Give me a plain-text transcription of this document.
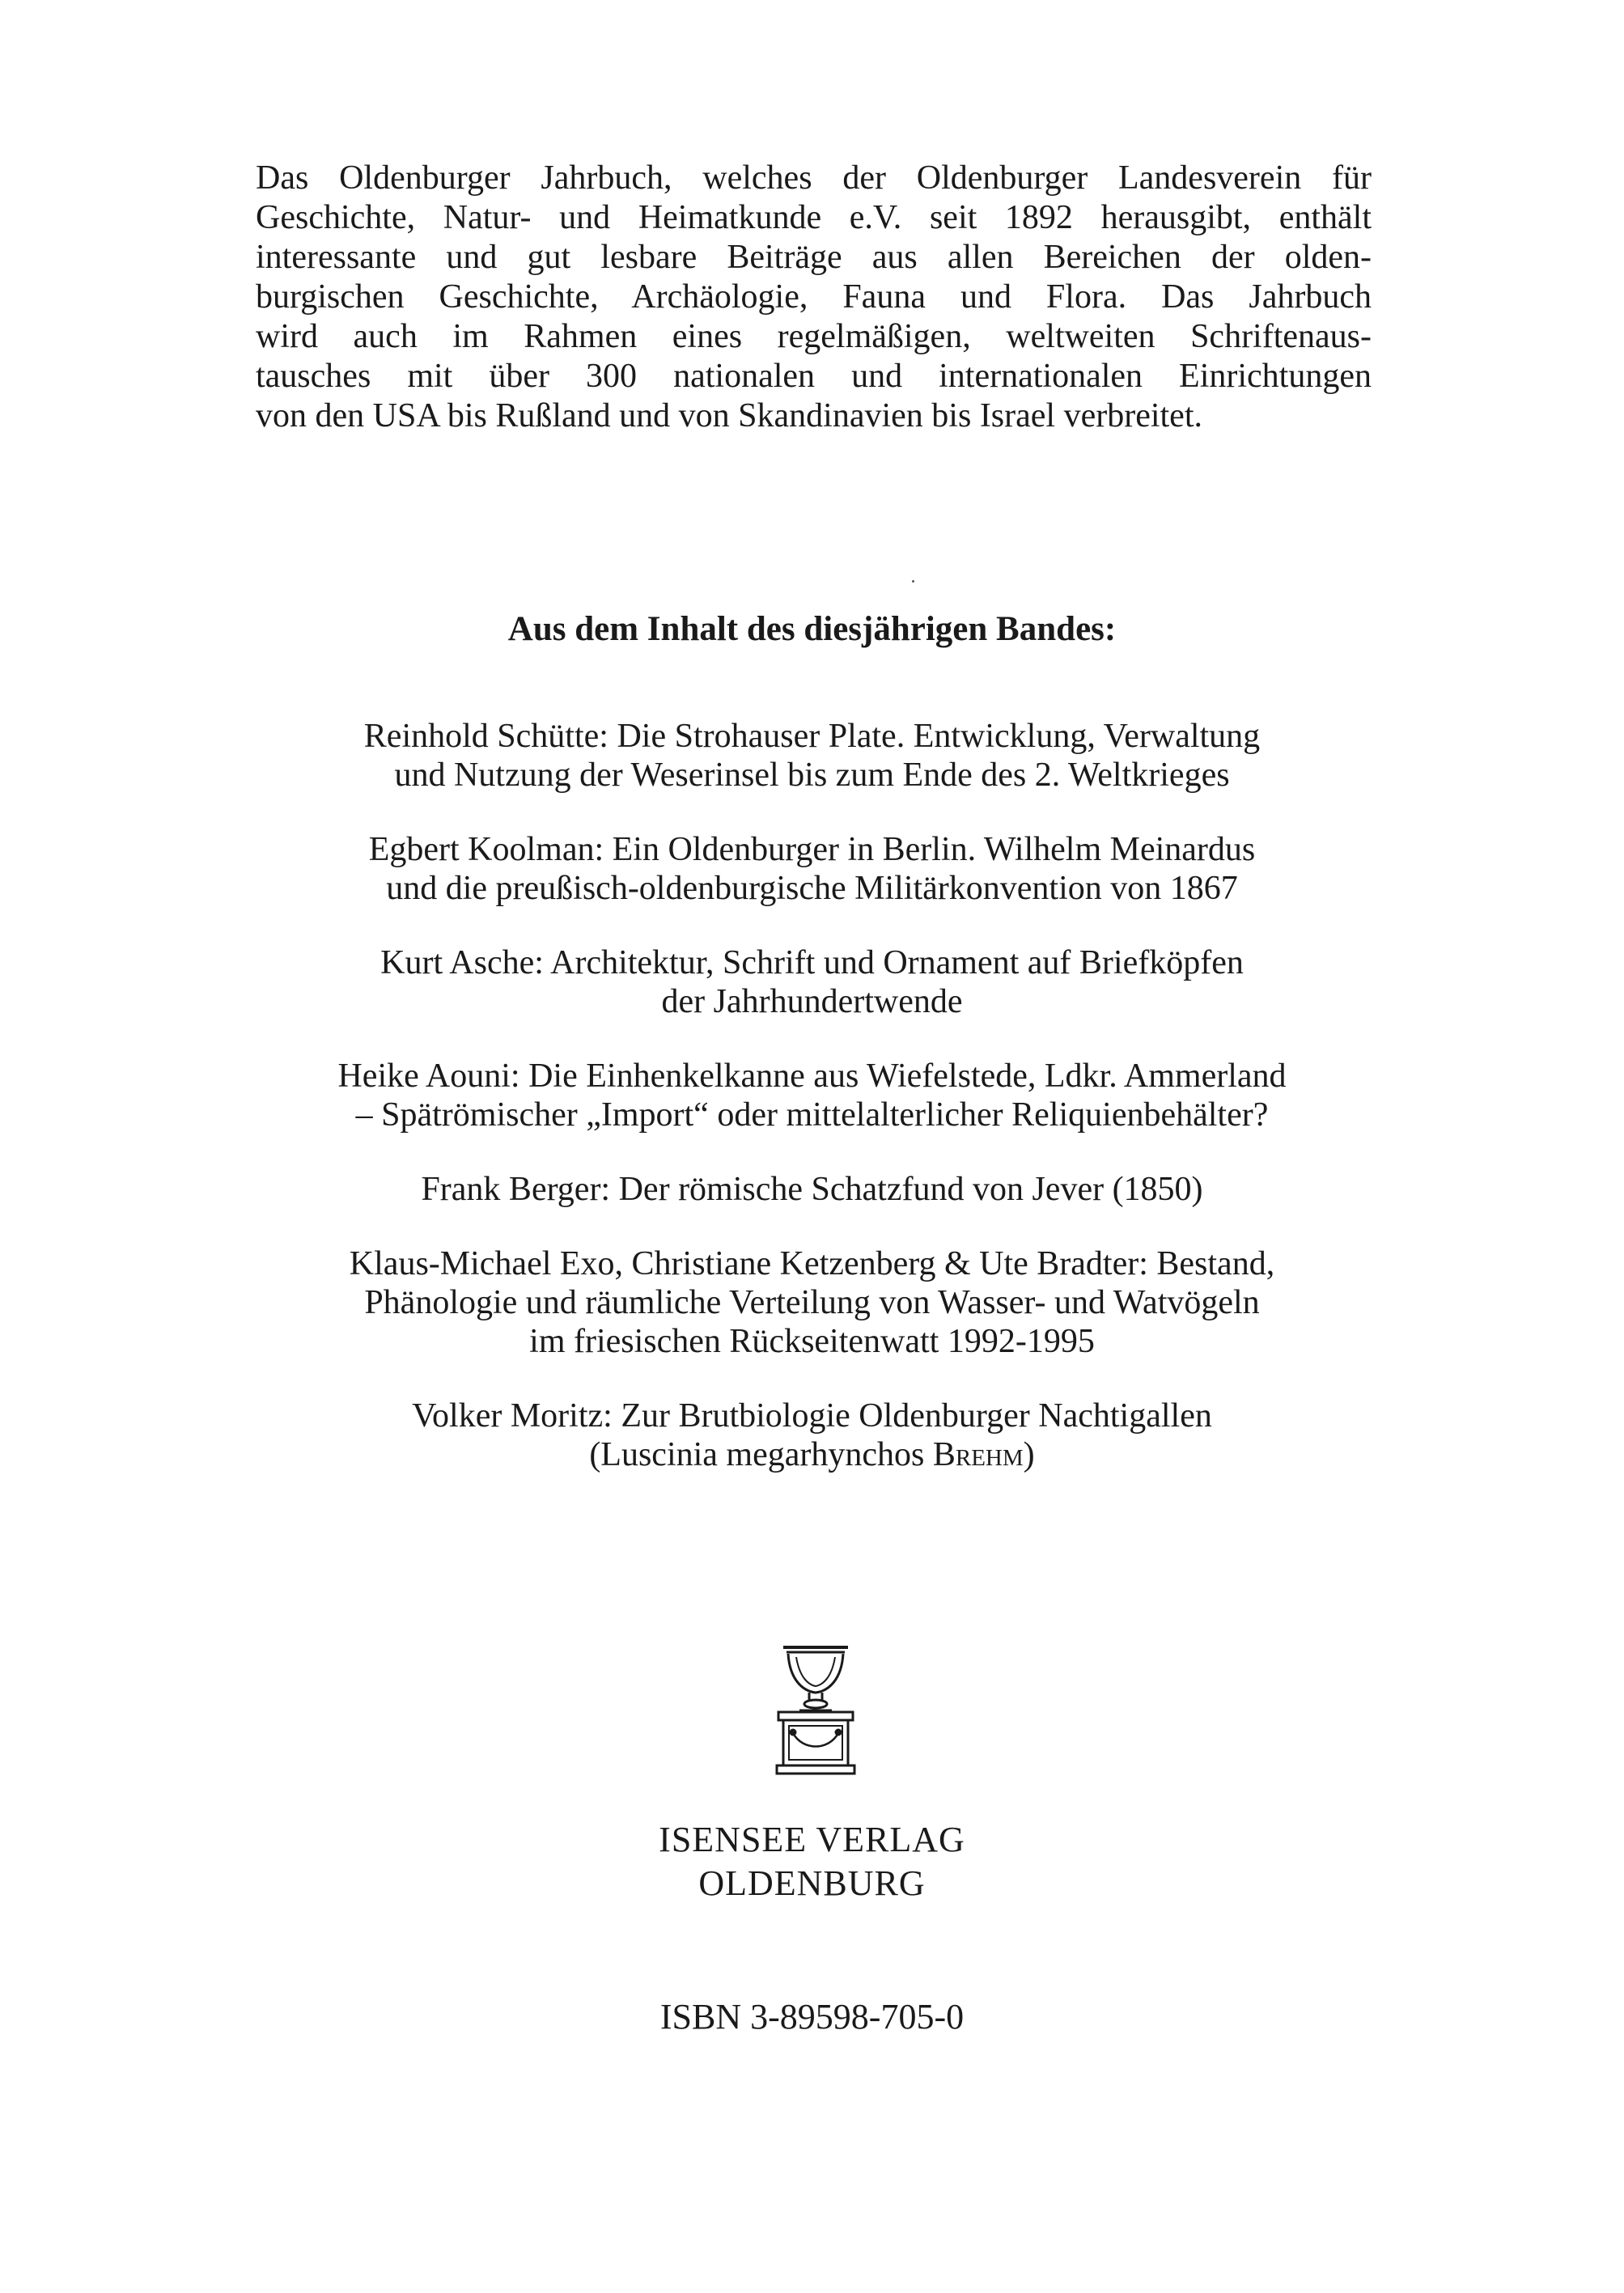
Das Oldenburger Jahrbuch, welches der Oldenburger Landesverein für
Geschichte, Natur- und Heimatkunde e.V. seit 1892 herausgibt, enthält
interessante und gut lesbare Beiträge aus allen Bereichen der olden-
burgischen Geschichte, Archäologie, Fauna und Flora. Das Jahrbuch
wird auch im Rahmen eines regelmäßigen, weltweiten Schriftenaus-
tausches mit über 300 nationalen und internationalen Einrichtungen
von den USA bis Rußland und von Skandinavien bis Israel verbreitet.
Aus dem Inhalt des diesjährigen Bandes:
Reinhold Schütte: Die Strohauser Plate. Entwicklung, Verwaltung
und Nutzung der Weserinsel bis zum Ende des 2. Weltkrieges
Egbert Koolman: Ein Oldenburger in Berlin. Wilhelm Meinardus
und die preußisch-oldenburgische Militärkonvention von 1867
Kurt Asche: Architektur, Schrift und Ornament auf Briefköpfen
der Jahrhundertwende
Heike Aouni: Die Einhenkelkanne aus Wiefelstede, Ldkr. Ammerland
– Spätrömischer „Import“ oder mittelalterlicher Reliquienbehälter?
Frank Berger: Der römische Schatzfund von Jever (1850)
Klaus-Michael Exo, Christiane Ketzenberg & Ute Bradter: Bestand,
Phänologie und räumliche Verteilung von Wasser- und Watvögeln
im friesischen Rückseitenwatt 1992-1995
Volker Moritz: Zur Brutbiologie Oldenburger Nachtigallen
(Luscinia megarhynchos Brehm)
ISENSEE VERLAG
OLDENBURG
ISBN 3-89598-705-0
